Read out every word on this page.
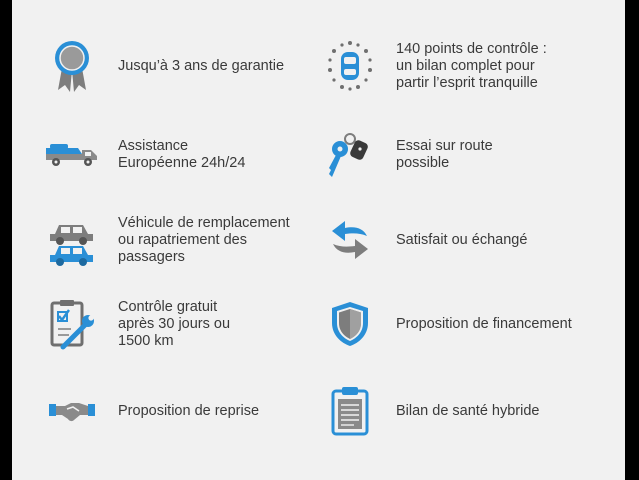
Jusqu’à 3 ans de garantie
140 points de contrôle :
un bilan complet pour
partir l’esprit tranquille
Assistance
Européenne 24h/24
Essai sur route
possible
Véhicule de remplacement
ou rapatriement des
passagers
Satisfait ou échangé
Contrôle gratuit
après 30 jours ou
1500 km
Proposition de financement
Proposition de reprise	Bilan de santé hybride
